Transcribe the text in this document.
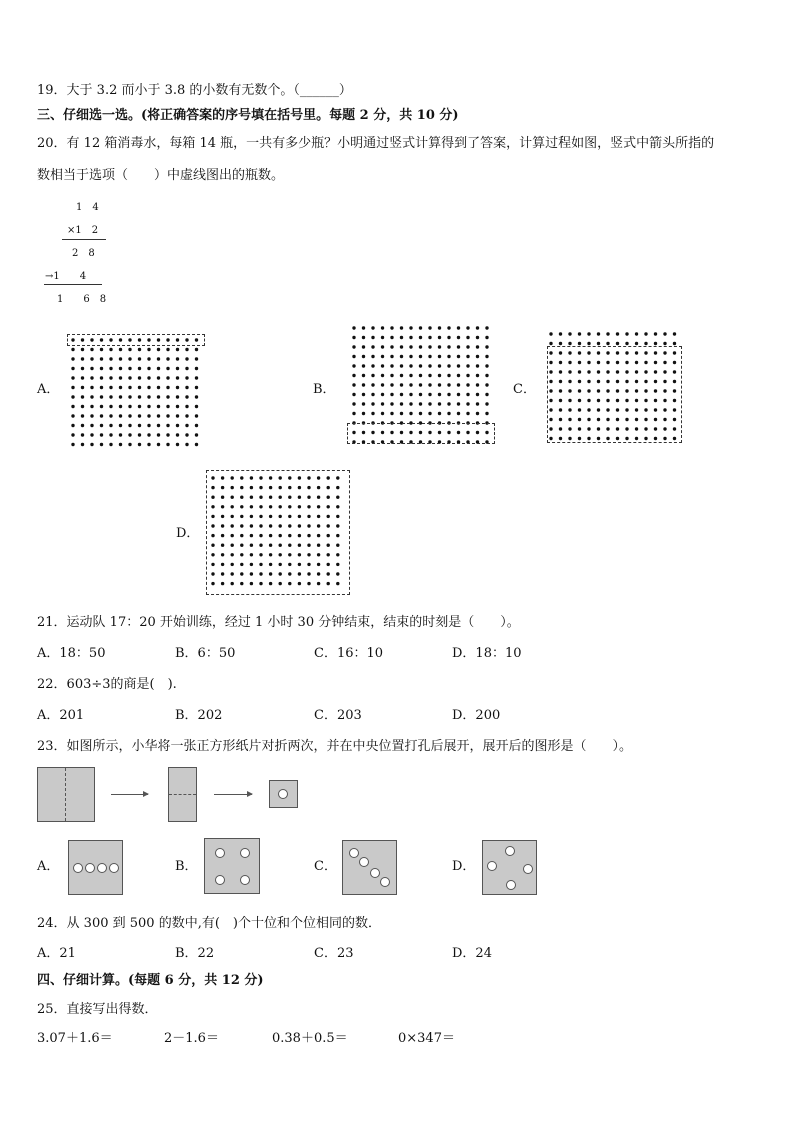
19．大于 3.2 而小于 3.8 的小数有无数个。（______）
三、仔细选一选。(将正确答案的序号填在括号里。每题 2 分，共 10 分)
20．有 12 箱消毒水，每箱 14 瓶，一共有多少瓶？小明通过竖式计算得到了答案，计算过程如图，竖式中箭头所指的
数相当于选项（　　）中虚线图出的瓶数。
1　4
×1　2
2　8
→1　　4
1　　6　8
A．	B．	C．
D．
21．运动队 17：20 开始训练，经过 1 小时 30 分钟结束，结束的时刻是（　　）。
A．18：50	B．6：50	C．16：10	D．18：10
22．603÷3的商是(　).
A．201	B．202	C．203	D．200
23．如图所示，小华将一张正方形纸片对折两次，并在中央位置打孔后展开，展开后的图形是（　　）。
A．	B．	C．	D．
24．从 300 到 500 的数中,有(　)个十位和个位相同的数．
A．21	B．22	C．23	D．24
四、仔细计算。(每题 6 分，共 12 分)
25．直接写出得数．
3.07＋1.6＝	2－1.6＝	0.38＋0.5＝	0×347＝
